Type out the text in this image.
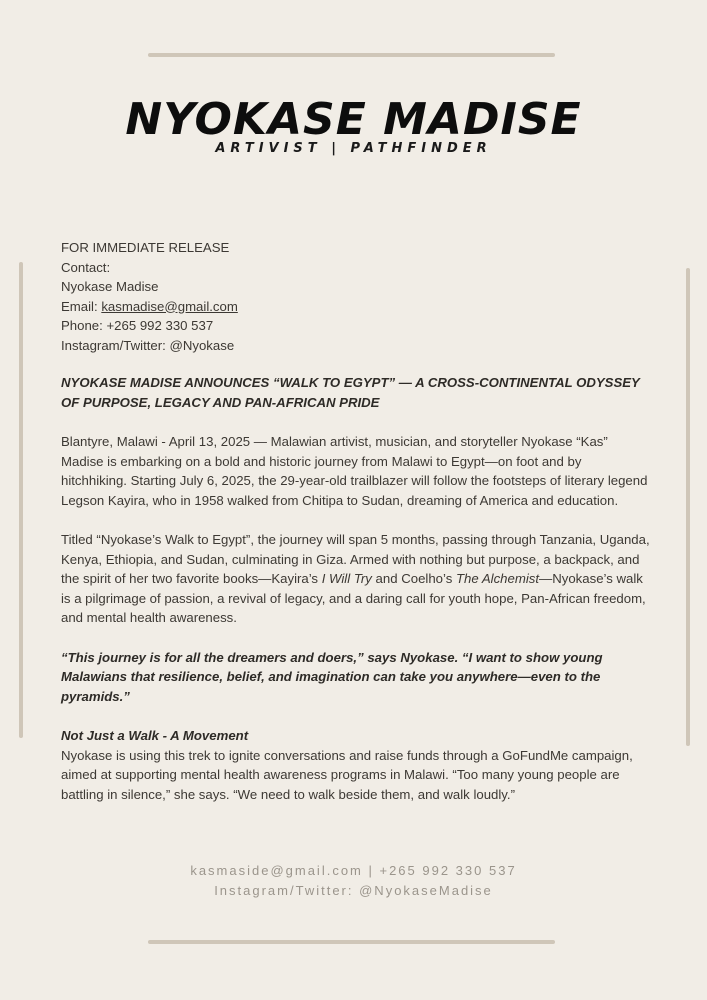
NYOKASE MADISE
ARTIVIST | PATHFINDER
FOR IMMEDIATE RELEASE
Contact:
Nyokase Madise
Email: kasmadise@gmail.com
Phone: +265 992 330 537
Instagram/Twitter: @Nyokase

NYOKASE MADISE ANNOUNCES “WALK TO EGYPT” — A CROSS-CONTINENTAL ODYSSEY OF PURPOSE, LEGACY AND PAN-AFRICAN PRIDE

Blantyre, Malawi - April 13, 2025 — Malawian artivist, musician, and storyteller Nyokase “Kas” Madise is embarking on a bold and historic journey from Malawi to Egypt—on foot and by hitchhiking. Starting July 6, 2025, the 29-year-old trailblazer will follow the footsteps of literary legend Legson Kayira, who in 1958 walked from Chitipa to Sudan, dreaming of America and education.

Titled “Nyokase’s Walk to Egypt”, the journey will span 5 months, passing through Tanzania, Uganda, Kenya, Ethiopia, and Sudan, culminating in Giza. Armed with nothing but purpose, a backpack, and the spirit of her two favorite books—Kayira’s I Will Try and Coelho’s The Alchemist—Nyokase’s walk is a pilgrimage of passion, a revival of legacy, and a daring call for youth hope, Pan-African freedom, and mental health awareness.

“This journey is for all the dreamers and doers,” says Nyokase. “I want to show young Malawians that resilience, belief, and imagination can take you anywhere—even to the pyramids.”

Not Just a Walk - A Movement

Nyokase is using this trek to ignite conversations and raise funds through a GoFundMe campaign, aimed at supporting mental health awareness programs in Malawi. “Too many young people are battling in silence,” she says. “We need to walk beside them, and walk loudly.”

kasmaside@gmail.com | +265 992 330 537
Instagram/Twitter: @NyokaseMadise
